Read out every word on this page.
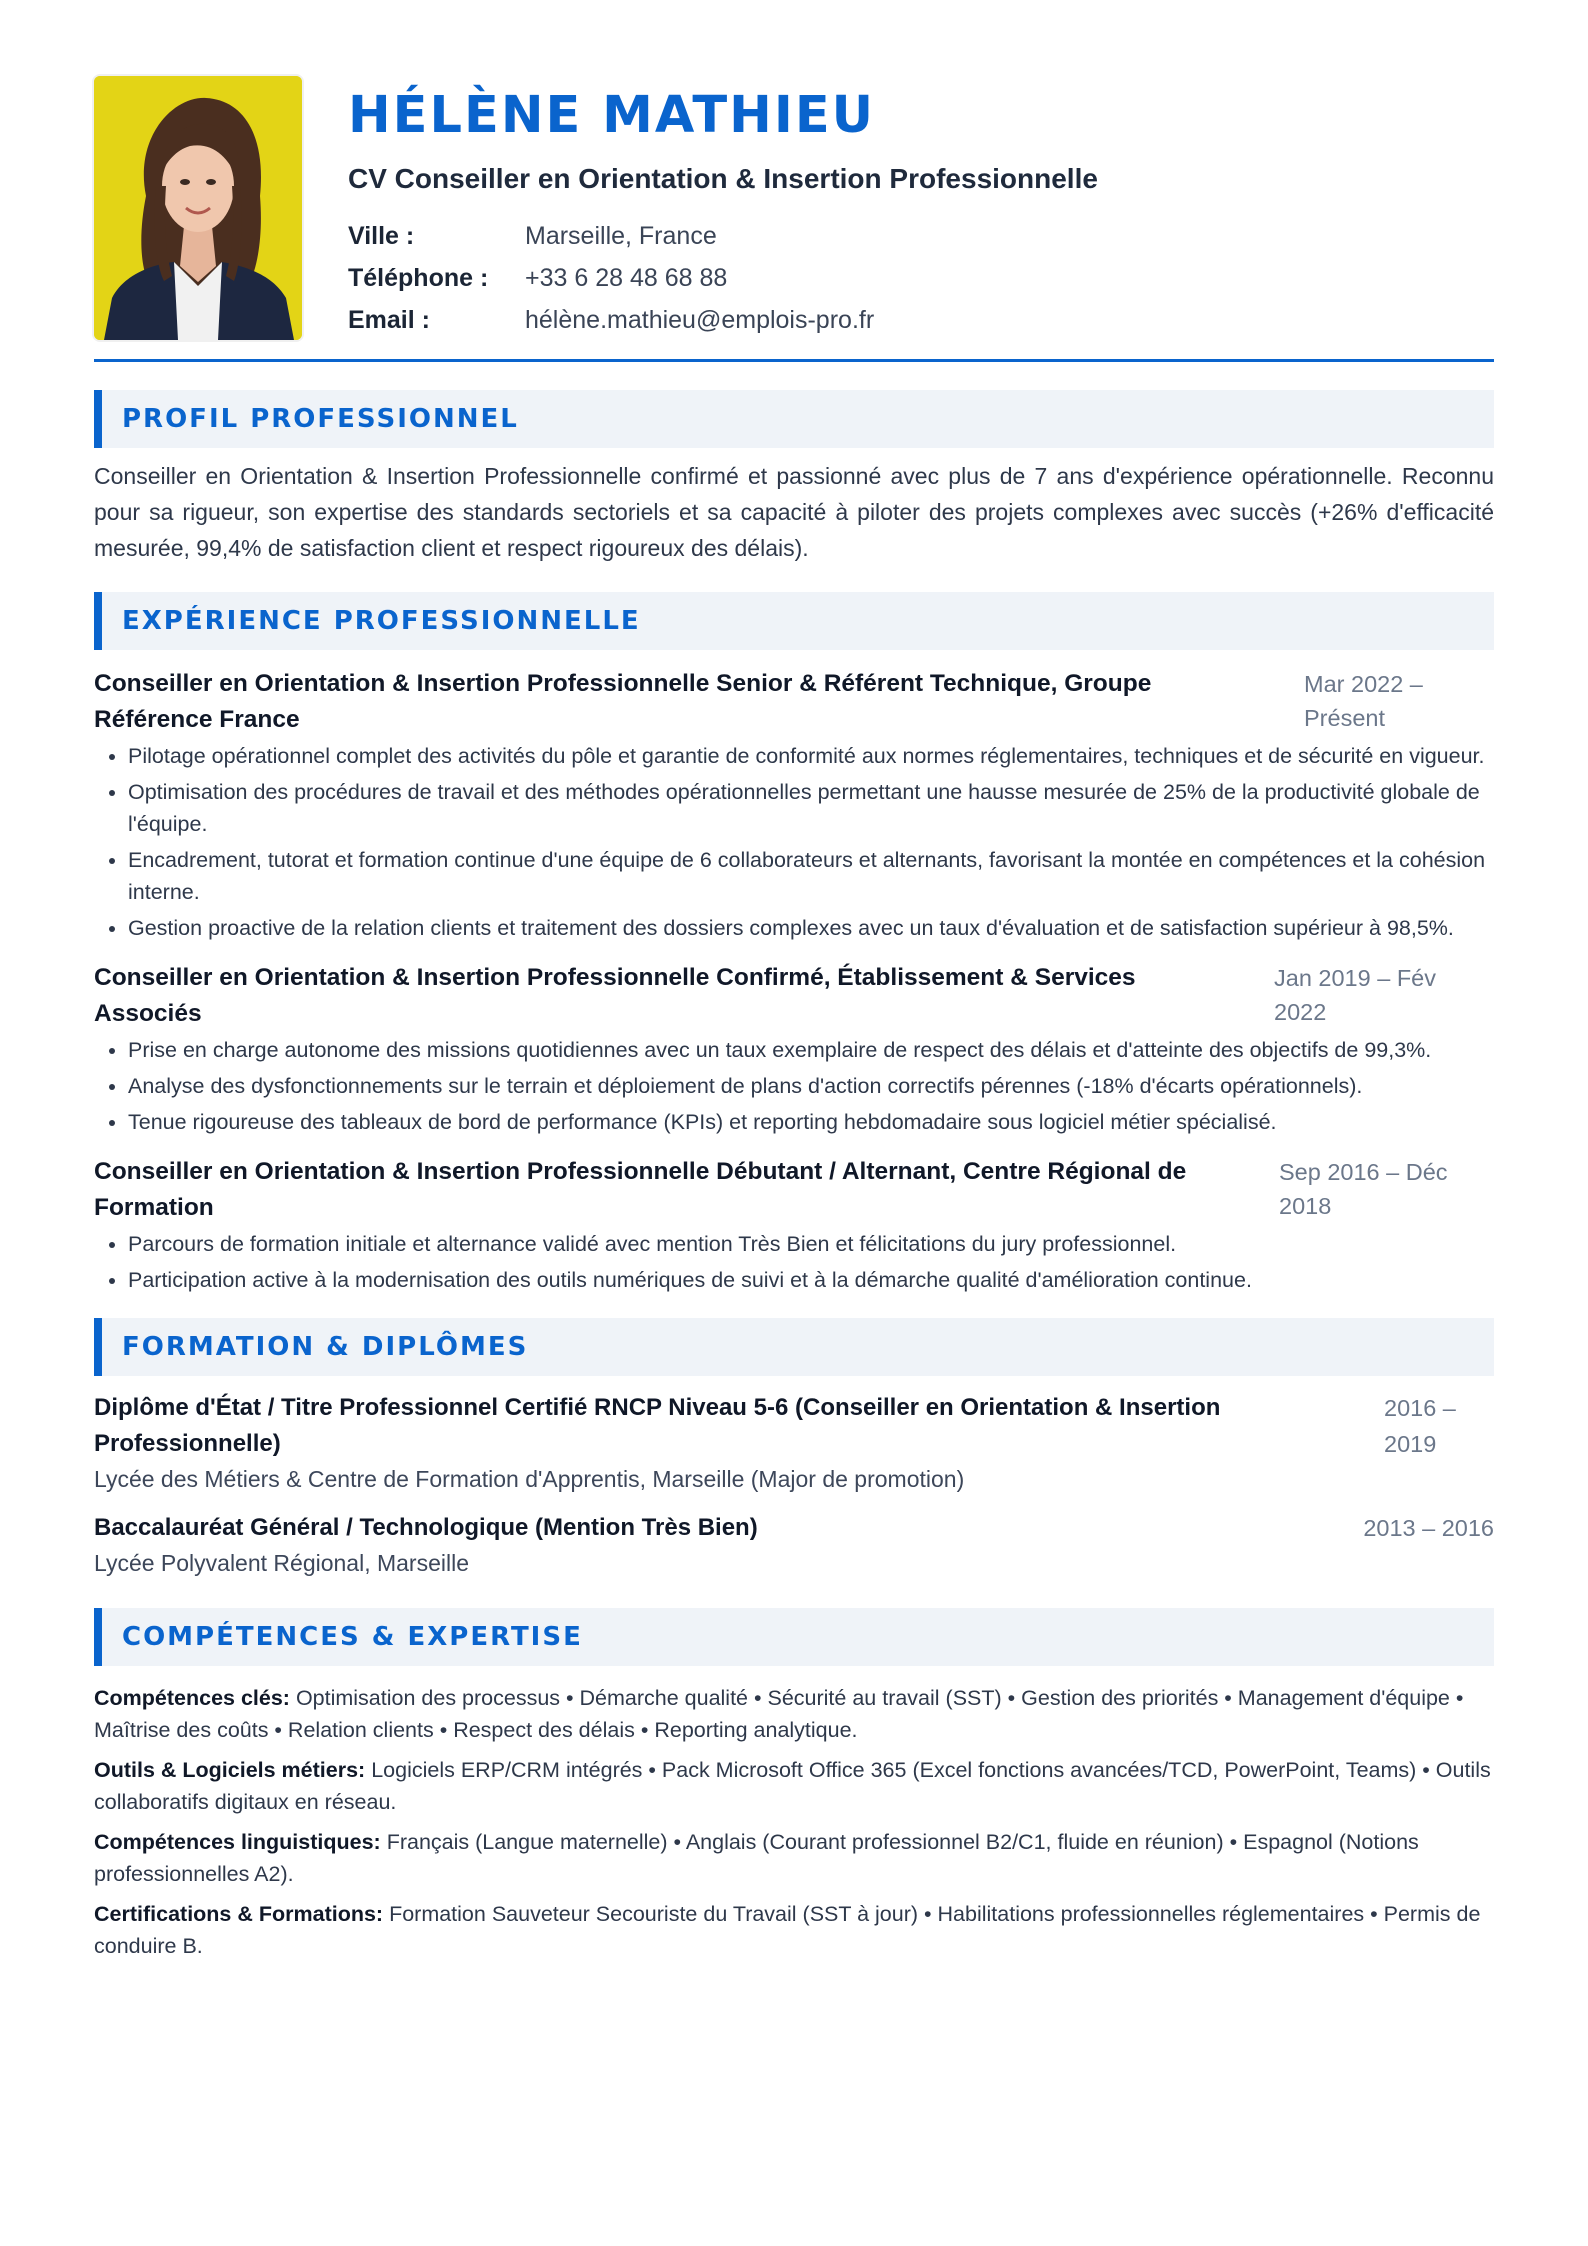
HÉLÈNE MATHIEU
CV Conseiller en Orientation & Insertion Professionnelle
Ville :	Marseille, France
Téléphone :	+33 6 28 48 68 88
Email :	hélène.mathieu@emplois-pro.fr
PROFIL PROFESSIONNEL
Conseiller en Orientation & Insertion Professionnelle confirmé et passionné avec plus de 7 ans d'expérience opérationnelle. Reconnu pour sa rigueur, son expertise des standards sectoriels et sa capacité à piloter des projets complexes avec succès (+26% d'efficacité mesurée, 99,4% de satisfaction client et respect rigoureux des délais).
EXPÉRIENCE PROFESSIONNELLE
Conseiller en Orientation & Insertion Professionnelle Senior & Référent Technique, Groupe Référence France
Mar 2022 – Présent
• Pilotage opérationnel complet des activités du pôle et garantie de conformité aux normes réglementaires, techniques et de sécurité en vigueur.
• Optimisation des procédures de travail et des méthodes opérationnelles permettant une hausse mesurée de 25% de la productivité globale de l'équipe.
• Encadrement, tutorat et formation continue d'une équipe de 6 collaborateurs et alternants, favorisant la montée en compétences et la cohésion interne.
• Gestion proactive de la relation clients et traitement des dossiers complexes avec un taux d'évaluation et de satisfaction supérieur à 98,5%.
Conseiller en Orientation & Insertion Professionnelle Confirmé, Établissement & Services Associés
Jan 2019 – Fév 2022
• Prise en charge autonome des missions quotidiennes avec un taux exemplaire de respect des délais et d'atteinte des objectifs de 99,3%.
• Analyse des dysfonctionnements sur le terrain et déploiement de plans d'action correctifs pérennes (-18% d'écarts opérationnels).
• Tenue rigoureuse des tableaux de bord de performance (KPIs) et reporting hebdomadaire sous logiciel métier spécialisé.
Conseiller en Orientation & Insertion Professionnelle Débutant / Alternant, Centre Régional de Formation
Sep 2016 – Déc 2018
• Parcours de formation initiale et alternance validé avec mention Très Bien et félicitations du jury professionnel.
• Participation active à la modernisation des outils numériques de suivi et à la démarche qualité d'amélioration continue.
FORMATION & DIPLÔMES
Diplôme d'État / Titre Professionnel Certifié RNCP Niveau 5-6 (Conseiller en Orientation & Insertion Professionnelle)
Lycée des Métiers & Centre de Formation d'Apprentis, Marseille (Major de promotion)
2016 – 2019
Baccalauréat Général / Technologique (Mention Très Bien)
Lycée Polyvalent Régional, Marseille
2013 – 2016
COMPÉTENCES & EXPERTISE
Compétences clés: Optimisation des processus • Démarche qualité • Sécurité au travail (SST) • Gestion des priorités • Management d'équipe • Maîtrise des coûts • Relation clients • Respect des délais • Reporting analytique.
Outils & Logiciels métiers: Logiciels ERP/CRM intégrés • Pack Microsoft Office 365 (Excel fonctions avancées/TCD, PowerPoint, Teams) • Outils collaboratifs digitaux en réseau.
Compétences linguistiques: Français (Langue maternelle) • Anglais (Courant professionnel B2/C1, fluide en réunion) • Espagnol (Notions professionnelles A2).
Certifications & Formations: Formation Sauveteur Secouriste du Travail (SST à jour) • Habilitations professionnelles réglementaires • Permis de conduire B.
